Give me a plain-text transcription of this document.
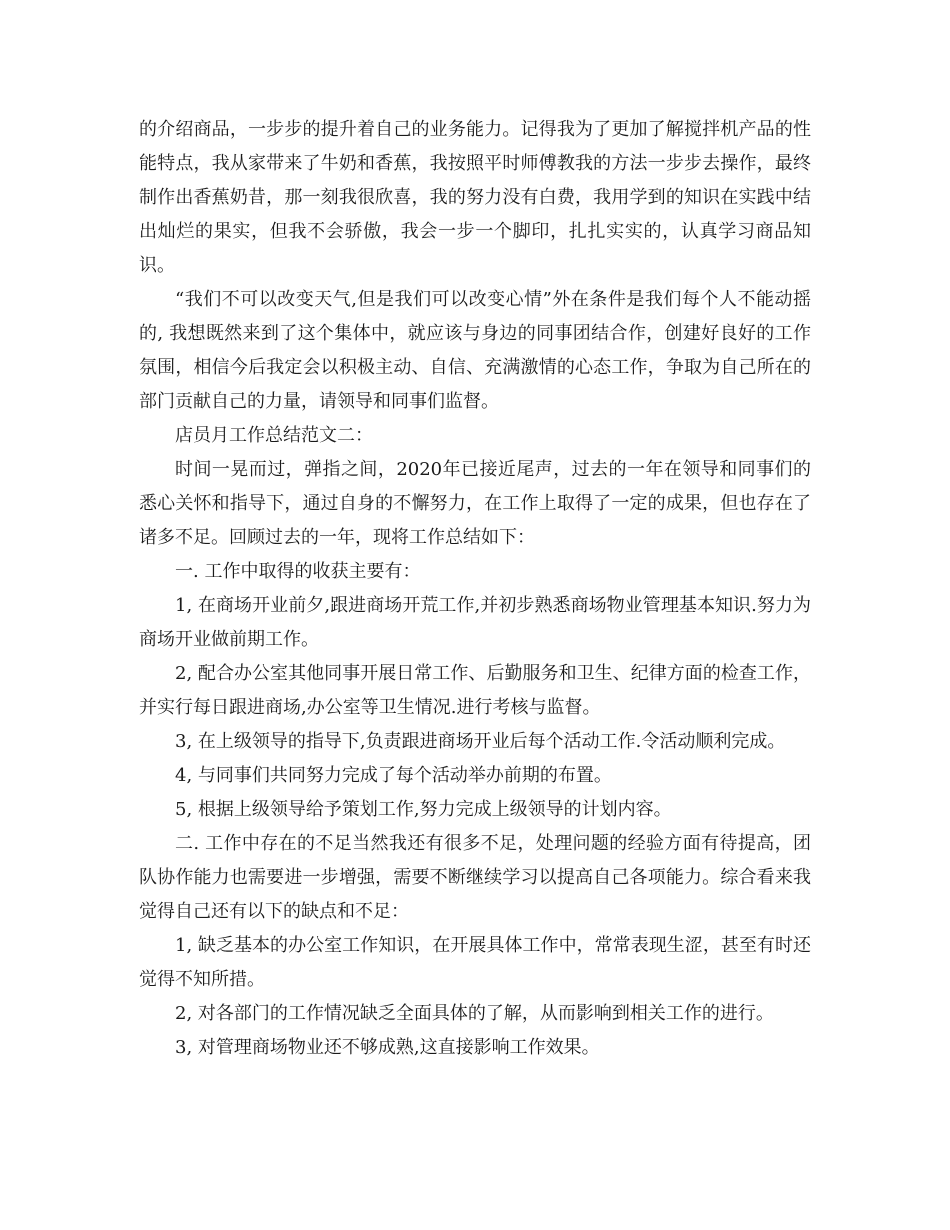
的介绍商品，一步步的提升着自己的业务能力。记得我为了更加了解搅拌机产品的性能特点，我从家带来了牛奶和香蕉，我按照平时师傅教我的方法一步步去操作，最终制作出香蕉奶昔，那一刻我很欣喜，我的努力没有白费，我用学到的知识在实践中结出灿烂的果实，但我不会骄傲，我会一步一个脚印，扎扎实实的，认真学习商品知识。

“我们不可以改变天气,但是我们可以改变心情”外在条件是我们每个人不能动摇的, 我想既然来到了这个集体中，就应该与身边的同事团结合作，创建好良好的工作氛围，相信今后我定会以积极主动、自信、充满激情的心态工作，争取为自己所在的部门贡献自己的力量，请领导和同事们监督。

店员月工作总结范文二：

时间一晃而过，弹指之间，2020年已接近尾声，过去的一年在领导和同事们的悉心关怀和指导下，通过自身的不懈努力，在工作上取得了一定的成果，但也存在了诸多不足。回顾过去的一年，现将工作总结如下：

一. 工作中取得的收获主要有：

1, 在商场开业前夕,跟进商场开荒工作,并初步熟悉商场物业管理基本知识.努力为商场开业做前期工作。

2, 配合办公室其他同事开展日常工作、后勤服务和卫生、纪律方面的检查工作，并实行每日跟进商场,办公室等卫生情况.进行考核与监督。

3, 在上级领导的指导下,负责跟进商场开业后每个活动工作.令活动顺利完成。

4, 与同事们共同努力完成了每个活动举办前期的布置。

5, 根据上级领导给予策划工作,努力完成上级领导的计划内容。

二. 工作中存在的不足当然我还有很多不足，处理问题的经验方面有待提高，团队协作能力也需要进一步增强，需要不断继续学习以提高自己各项能力。综合看来我觉得自己还有以下的缺点和不足：

1, 缺乏基本的办公室工作知识，在开展具体工作中，常常表现生涩，甚至有时还觉得不知所措。

2, 对各部门的工作情况缺乏全面具体的了解，从而影响到相关工作的进行。

3, 对管理商场物业还不够成熟,这直接影响工作效果。
